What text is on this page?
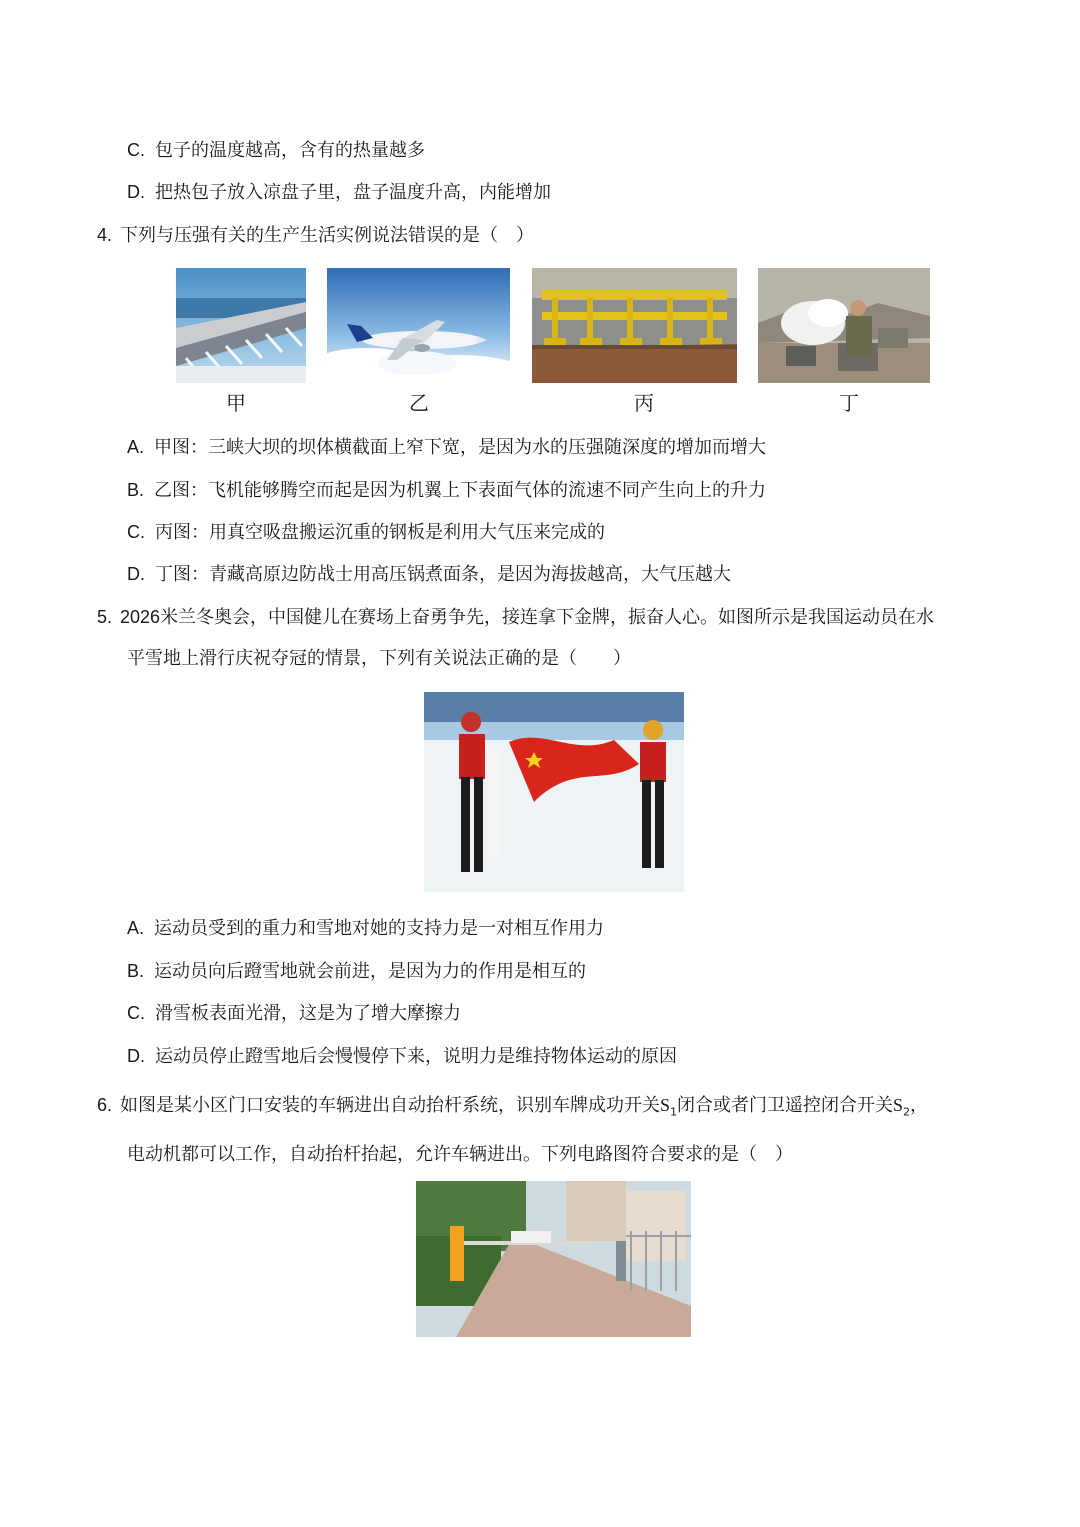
C. 包子的温度越高，含有的热量越多
D. 把热包子放入凉盘子里，盘子温度升高，内能增加
4. 下列与压强有关的生产生活实例说法错误的是（　）
甲	乙	丙	丁
A. 甲图：三峡大坝的坝体横截面上窄下宽，是因为水的压强随深度的增加而增大
B. 乙图：飞机能够腾空而起是因为机翼上下表面气体的流速不同产生向上的升力
C. 丙图：用真空吸盘搬运沉重的钢板是利用大气压来完成的
D. 丁图：青藏高原边防战士用高压锅煮面条，是因为海拔越高，大气压越大
5. 2026米兰冬奥会，中国健儿在赛场上奋勇争先，接连拿下金牌，振奋人心。如图所示是我国运动员在水
平雪地上滑行庆祝夺冠的情景，下列有关说法正确的是（　　）
A. 运动员受到的重力和雪地对她的支持力是一对相互作用力
B. 运动员向后蹬雪地就会前进，是因为力的作用是相互的
C. 滑雪板表面光滑，这是为了增大摩擦力
D. 运动员停止蹬雪地后会慢慢停下来，说明力是维持物体运动的原因
6. 如图是某小区门口安装的车辆进出自动抬杆系统，识别车牌成功开关$S_1$闭合或者门卫遥控闭合开关$S_2$，
电动机都可以工作，自动抬杆抬起，允许车辆进出。下列电路图符合要求的是（　）
